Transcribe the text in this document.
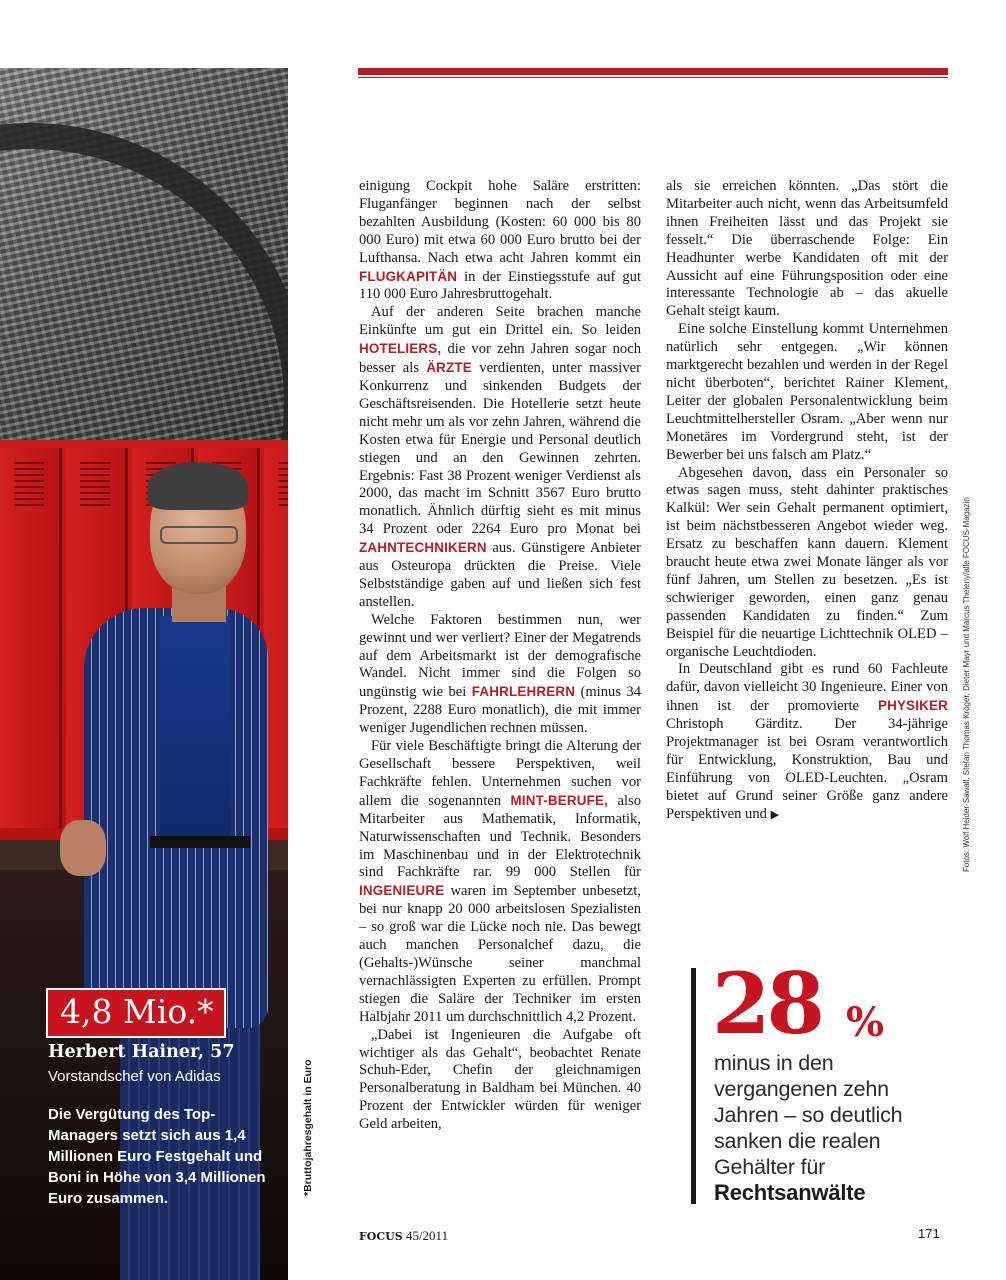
4,8 Mio.*
Herbert Hainer, 57
Vorstandschef von Adidas
Die Vergütung des Top-Managers setzt sich aus 1,4 Millionen Euro Festgehalt und Boni in Höhe von 3,4 Millionen Euro zusammen.
*Bruttojahresgehalt in Euro
Fotos: Wolf Heider-Sawall, Stefan Thomas Kröger, Dieter Mayr und Marcus Theleny/alle FOCUS-Magazin

einigung Cockpit hohe Saläre erstritten: Fluganfänger beginnen nach der selbst bezahlten Ausbildung (Kosten: 60 000 bis 80 000 Euro) mit etwa 60 000 Euro brutto bei der Lufthansa. Nach etwa acht Jahren kommt ein FLUGKAPITÄN in der Einstiegsstufe auf gut 110 000 Euro Jahresbruttogehalt.

Auf der anderen Seite brachen manche Einkünfte um gut ein Drittel ein. So leiden HOTELIERS, die vor zehn Jahren sogar noch besser als ÄRZTE verdienten, unter massiver Konkurrenz und sinkenden Budgets der Geschäftsreisenden. Die Hotellerie setzt heute nicht mehr um als vor zehn Jahren, während die Kosten etwa für Energie und Personal deutlich stiegen und an den Gewinnen zehrten. Ergebnis: Fast 38 Prozent weniger Verdienst als 2000, das macht im Schnitt 3567 Euro brutto monatlich. Ähnlich dürftig sieht es mit minus 34 Prozent oder 2264 Euro pro Monat bei ZAHNTECHNIKERN aus. Günstigere Anbieter aus Osteuropa drückten die Preise. Viele Selbstständige gaben auf und ließen sich fest anstellen.

Welche Faktoren bestimmen nun, wer gewinnt und wer verliert? Einer der Megatrends auf dem Arbeitsmarkt ist der demografische Wandel. Nicht immer sind die Folgen so ungünstig wie bei FAHRLEHRERN (minus 34 Prozent, 2288 Euro monatlich), die mit immer weniger Jugendlichen rechnen müssen.

Für viele Beschäftigte bringt die Alterung der Gesellschaft bessere Perspektiven, weil Fachkräfte fehlen. Unternehmen suchen vor allem die sogenannten MINT-BERUFE, also Mitarbeiter aus Mathematik, Informatik, Naturwissenschaften und Technik. Besonders im Maschinenbau und in der Elektrotechnik sind Fachkräfte rar. 99 000 Stellen für INGENIEURE waren im September unbesetzt, bei nur knapp 20 000 arbeitslosen Spezialisten – so groß war die Lücke noch nie. Das bewegt auch manchen Personalchef dazu, die (Gehalts-)Wünsche seiner manchmal vernachlässigten Experten zu erfüllen. Prompt stiegen die Saläre der Techniker im ersten Halbjahr 2011 um durchschnittlich 4,2 Prozent.

„Dabei ist Ingenieuren die Aufgabe oft wichtiger als das Gehalt“, beobachtet Renate Schuh-Eder, Chefin der gleichnamigen Personalberatung in Baldham bei München. 40 Prozent der Entwickler würden für weniger Geld arbeiten,

als sie erreichen könnten. „Das stört die Mitarbeiter auch nicht, wenn das Arbeitsumfeld ihnen Freiheiten lässt und das Projekt sie fesselt.“ Die überraschende Folge: Ein Headhunter werbe Kandidaten oft mit der Aussicht auf eine Führungsposition oder eine interessante Technologie ab – das akuelle Gehalt steigt kaum.

Eine solche Einstellung kommt Unternehmen natürlich sehr entgegen. „Wir können marktgerecht bezahlen und werden in der Regel nicht überboten“, berichtet Rainer Klement, Leiter der globalen Personalentwicklung beim Leuchtmittelhersteller Osram. „Aber wenn nur Monetäres im Vordergrund steht, ist der Bewerber bei uns falsch am Platz.“

Abgesehen davon, dass ein Personaler so etwas sagen muss, steht dahinter praktisches Kalkül: Wer sein Gehalt permanent optimiert, ist beim nächstbesseren Angebot wieder weg. Ersatz zu beschaffen kann dauern. Klement braucht heute etwa zwei Monate länger als vor fünf Jahren, um Stellen zu besetzen. „Es ist schwieriger geworden, einen ganz genau passenden Kandidaten zu finden.“ Zum Beispiel für die neuartige Lichttechnik OLED – organische Leuchtdioden.

In Deutschland gibt es rund 60 Fachleute dafür, davon vielleicht 30 Ingenieure. Einer von ihnen ist der promovierte PHYSIKER Christoph Gärditz. Der 34-jährige Projektmanager ist bei Osram verantwortlich für Entwicklung, Konstruktion, Bau und Einführung von OLED-Leuchten. „Osram bietet auf Grund seiner Größe ganz andere Perspektiven und ▶

28 %
minus in den vergangenen zehn Jahren – so deutlich sanken die realen Gehälter für Rechtsanwälte
FOCUS 45/2011	171
